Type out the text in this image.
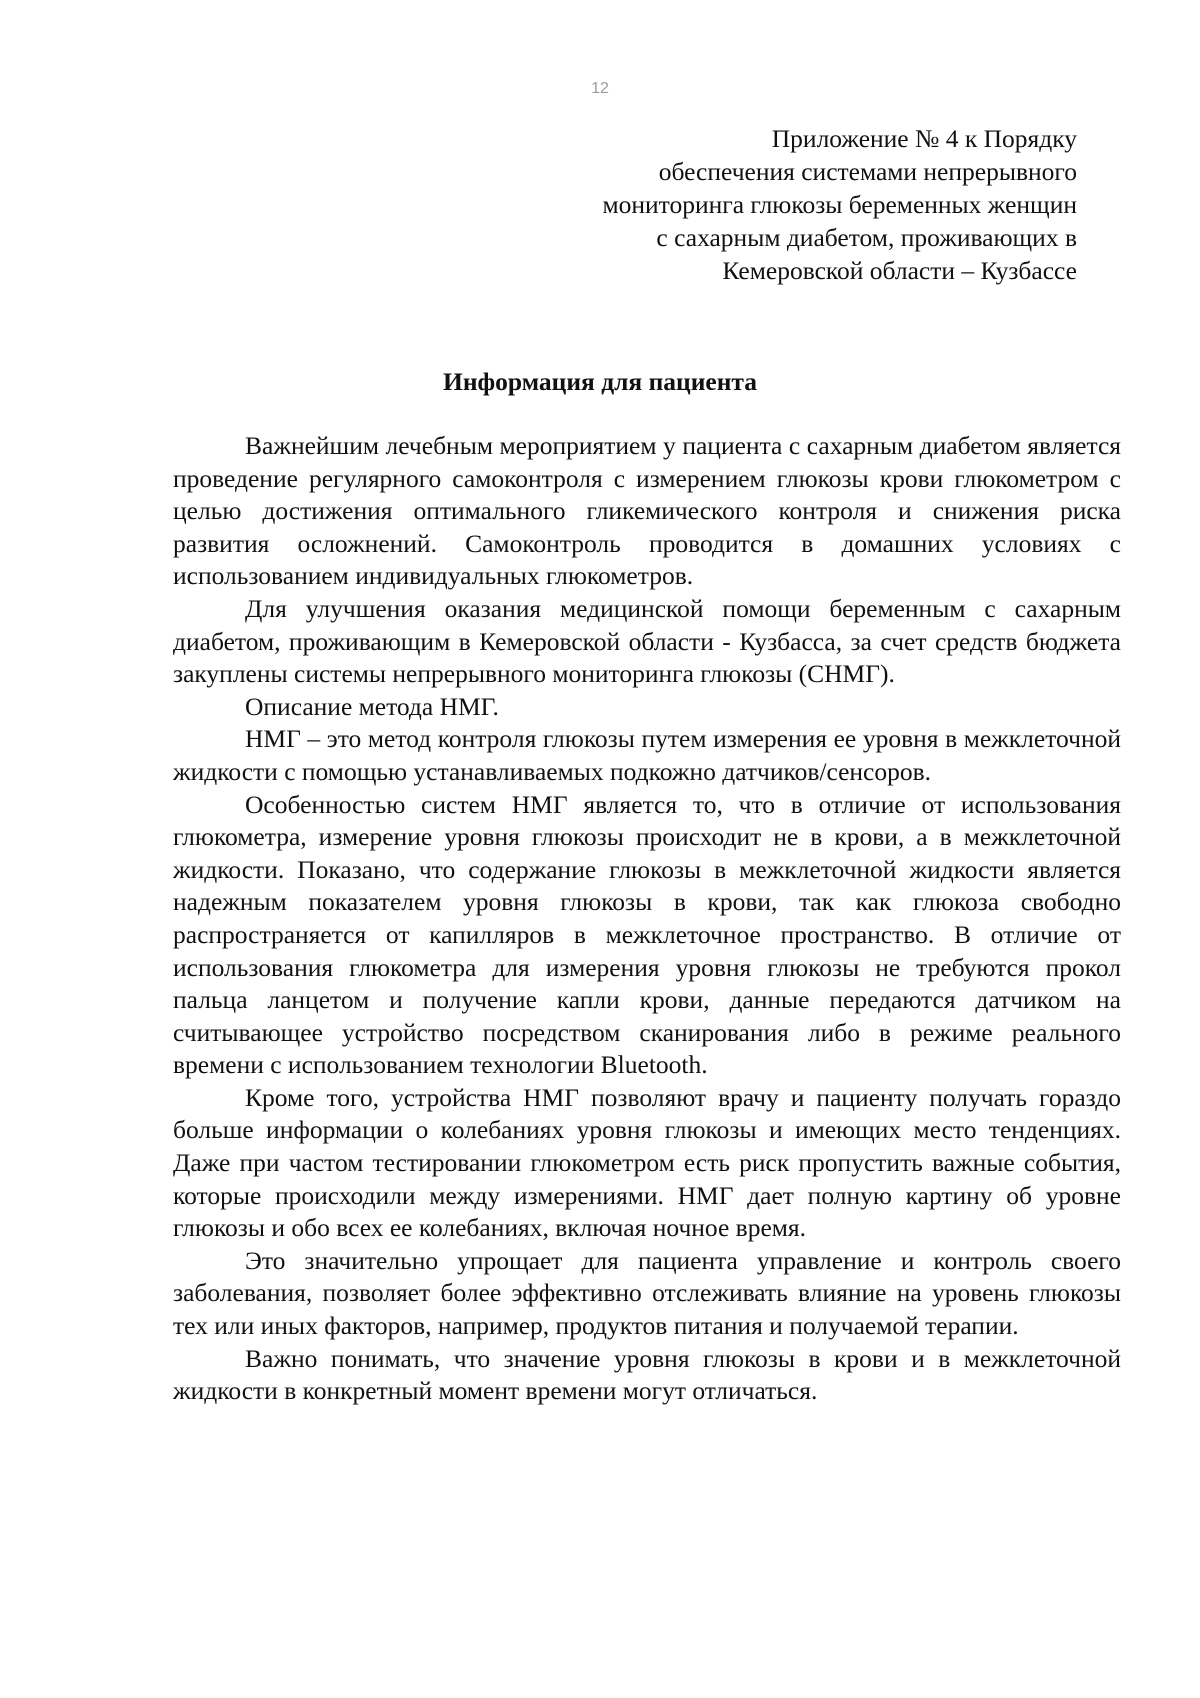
12
Приложение № 4 к Порядку
обеспечения системами непрерывного
мониторинга глюкозы беременных женщин
с сахарным диабетом, проживающих в
Кемеровской области – Кузбассе
Информация для пациента

Важнейшим лечебным мероприятием у пациента с сахарным диабетом является проведение регулярного самоконтроля с измерением глюкозы крови глюкометром с целью достижения оптимального гликемического контроля и снижения риска развития осложнений. Самоконтроль проводится в домашних условиях с использованием индивидуальных глюкометров.

Для улучшения оказания медицинской помощи беременным с сахарным диабетом, проживающим в Кемеровской области - Кузбасса, за счет средств бюджета закуплены системы непрерывного мониторинга глюкозы (СНМГ).

Описание метода НМГ.

НМГ – это метод контроля глюкозы путем измерения ее уровня в межклеточной жидкости с помощью устанавливаемых подкожно датчиков/сенсоров.

Особенностью систем НМГ является то, что в отличие от использования глюкометра, измерение уровня глюкозы происходит не в крови, а в межклеточной жидкости. Показано, что содержание глюкозы в межклеточной жидкости является надежным показателем уровня глюкозы в крови, так как глюкоза свободно распространяется от капилляров в межклеточное пространство. В отличие от использования глюкометра для измерения уровня глюкозы не требуются прокол пальца ланцетом и получение капли крови, данные передаются датчиком на считывающее устройство посредством сканирования либо в режиме реального времени с использованием технологии Bluetooth.

Кроме того, устройства НМГ позволяют врачу и пациенту получать гораздо больше информации о колебаниях уровня глюкозы и имеющих место тенденциях. Даже при частом тестировании глюкометром есть риск пропустить важные события, которые происходили между измерениями. НМГ дает полную картину об уровне глюкозы и обо всех ее колебаниях, включая ночное время.

Это значительно упрощает для пациента управление и контроль своего заболевания, позволяет более эффективно отслеживать влияние на уровень глюкозы тех или иных факторов, например, продуктов питания и получаемой терапии.

Важно понимать, что значение уровня глюкозы в крови и в межклеточной жидкости в конкретный момент времени могут отличаться.
